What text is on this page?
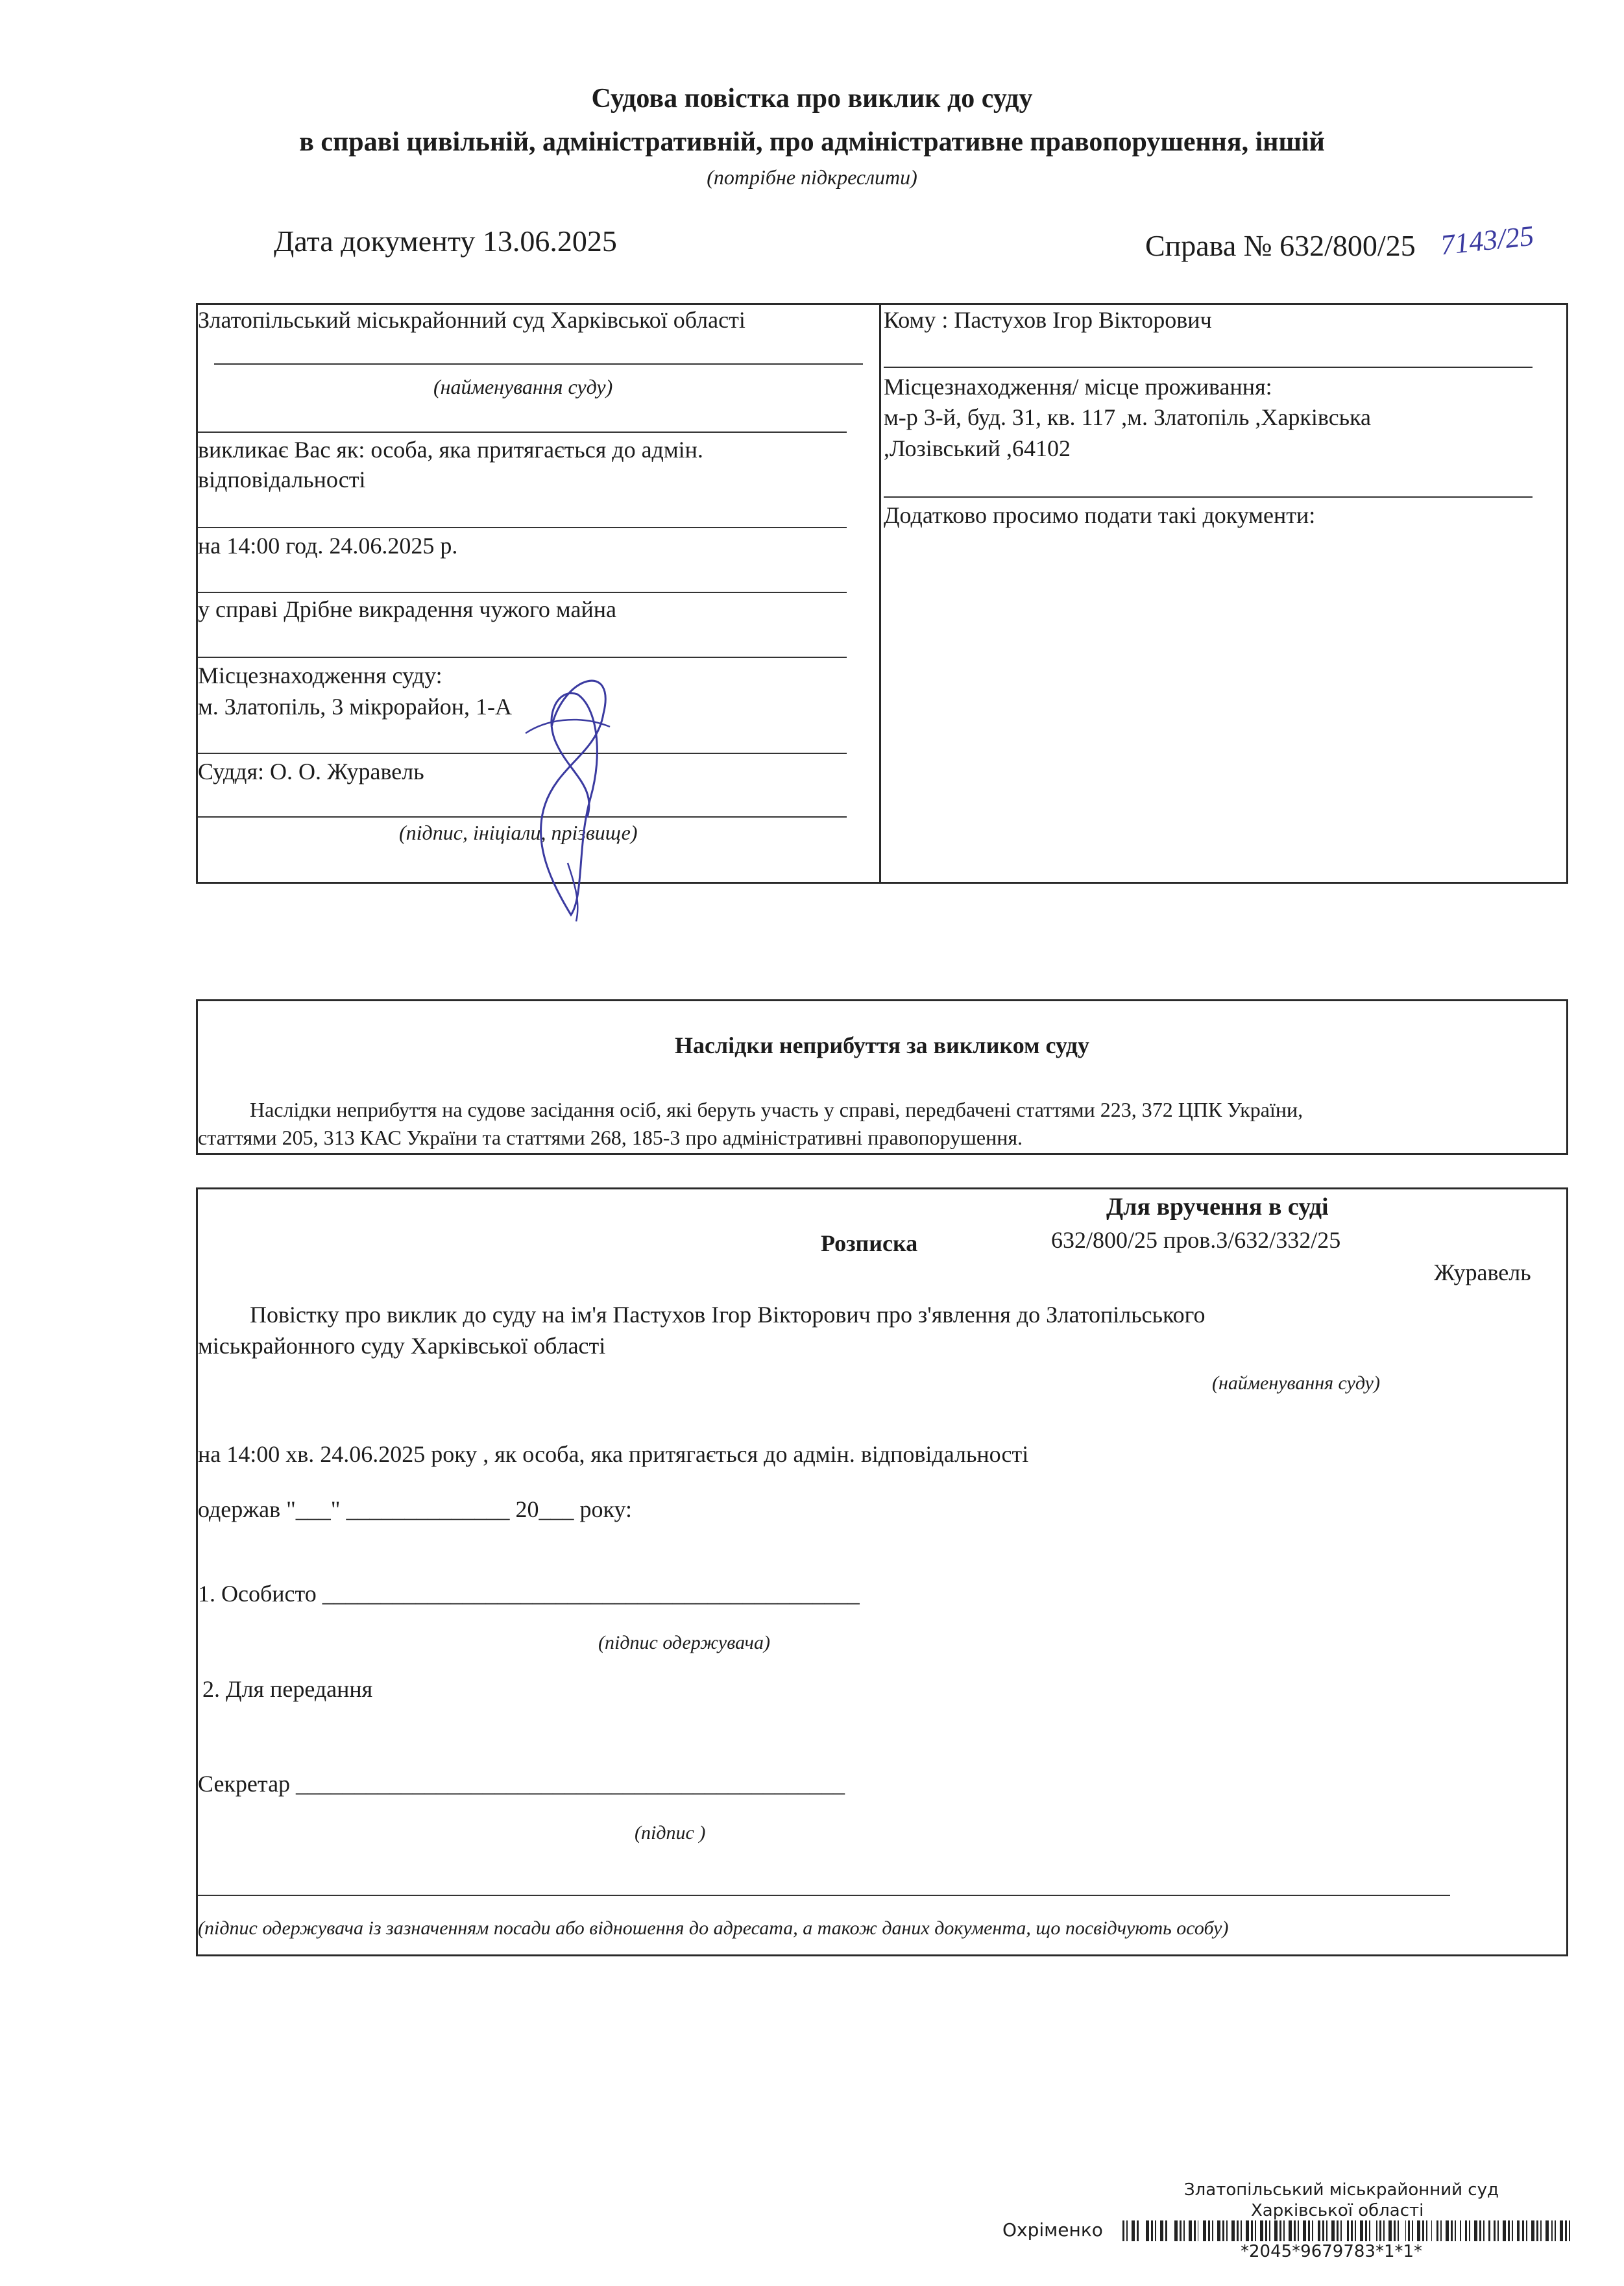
Судова повістка про виклик до суду
в справі цивільній, адміністративній, про адміністративне правопорушення, іншій
(потрібне підкреслити)
Дата документу 13.06.2025	Справа № 632/800/25 7143/25
Златопільський міськрайонний суд Харківської області
(найменування суду)
викликає Вас як: особа, яка притягається до адмін.
відповідальності
на 14:00 год. 24.06.2025 р.
у справі Дрібне викрадення чужого майна
Місцезнаходження суду:
м. Златопіль, 3 мікрорайон, 1-А
Суддя: О. О. Журавель
(підпис, ініціали, прізвище)
Кому : Пастухов Ігор Вікторович
Місцезнаходження/ місце проживання:
м-р 3-й, буд. 31, кв. 117 ,м. Златопіль ,Харківська
,Лозівський ,64102
Додатково просимо подати такі документи:
Наслідки неприбуття за викликом суду
Наслідки неприбуття на судове засідання осіб, які беруть участь у справі, передбачені статтями 223, 372 ЦПК України,
статтями 205, 313 КАС України та статтями 268, 185-3 про адміністративні правопорушення.
Для вручення в суді
Розписка	632/800/25 пров.3/632/332/25
Журавель
Повістку про виклик до суду на ім'я Пастухов Ігор Вікторович про з'явлення до Златопільського
міськрайонного суду Харківської області
(найменування суду)
на 14:00 хв. 24.06.2025 року , як особа, яка притягається до адмін. відповідальності
одержав "___" ______________ 20___ року:
1. Особисто ______________________________________________
(підпис одержувача)
2. Для передання
Секретар _______________________________________________
(підпис )
(підпис одержувача із зазначенням посади або відношення до адресата, а також даних документа, що посвідчують особу)
Златопільський міськрайонний суд
Харківської області
Охріменко
*2045*9679783*1*1*
